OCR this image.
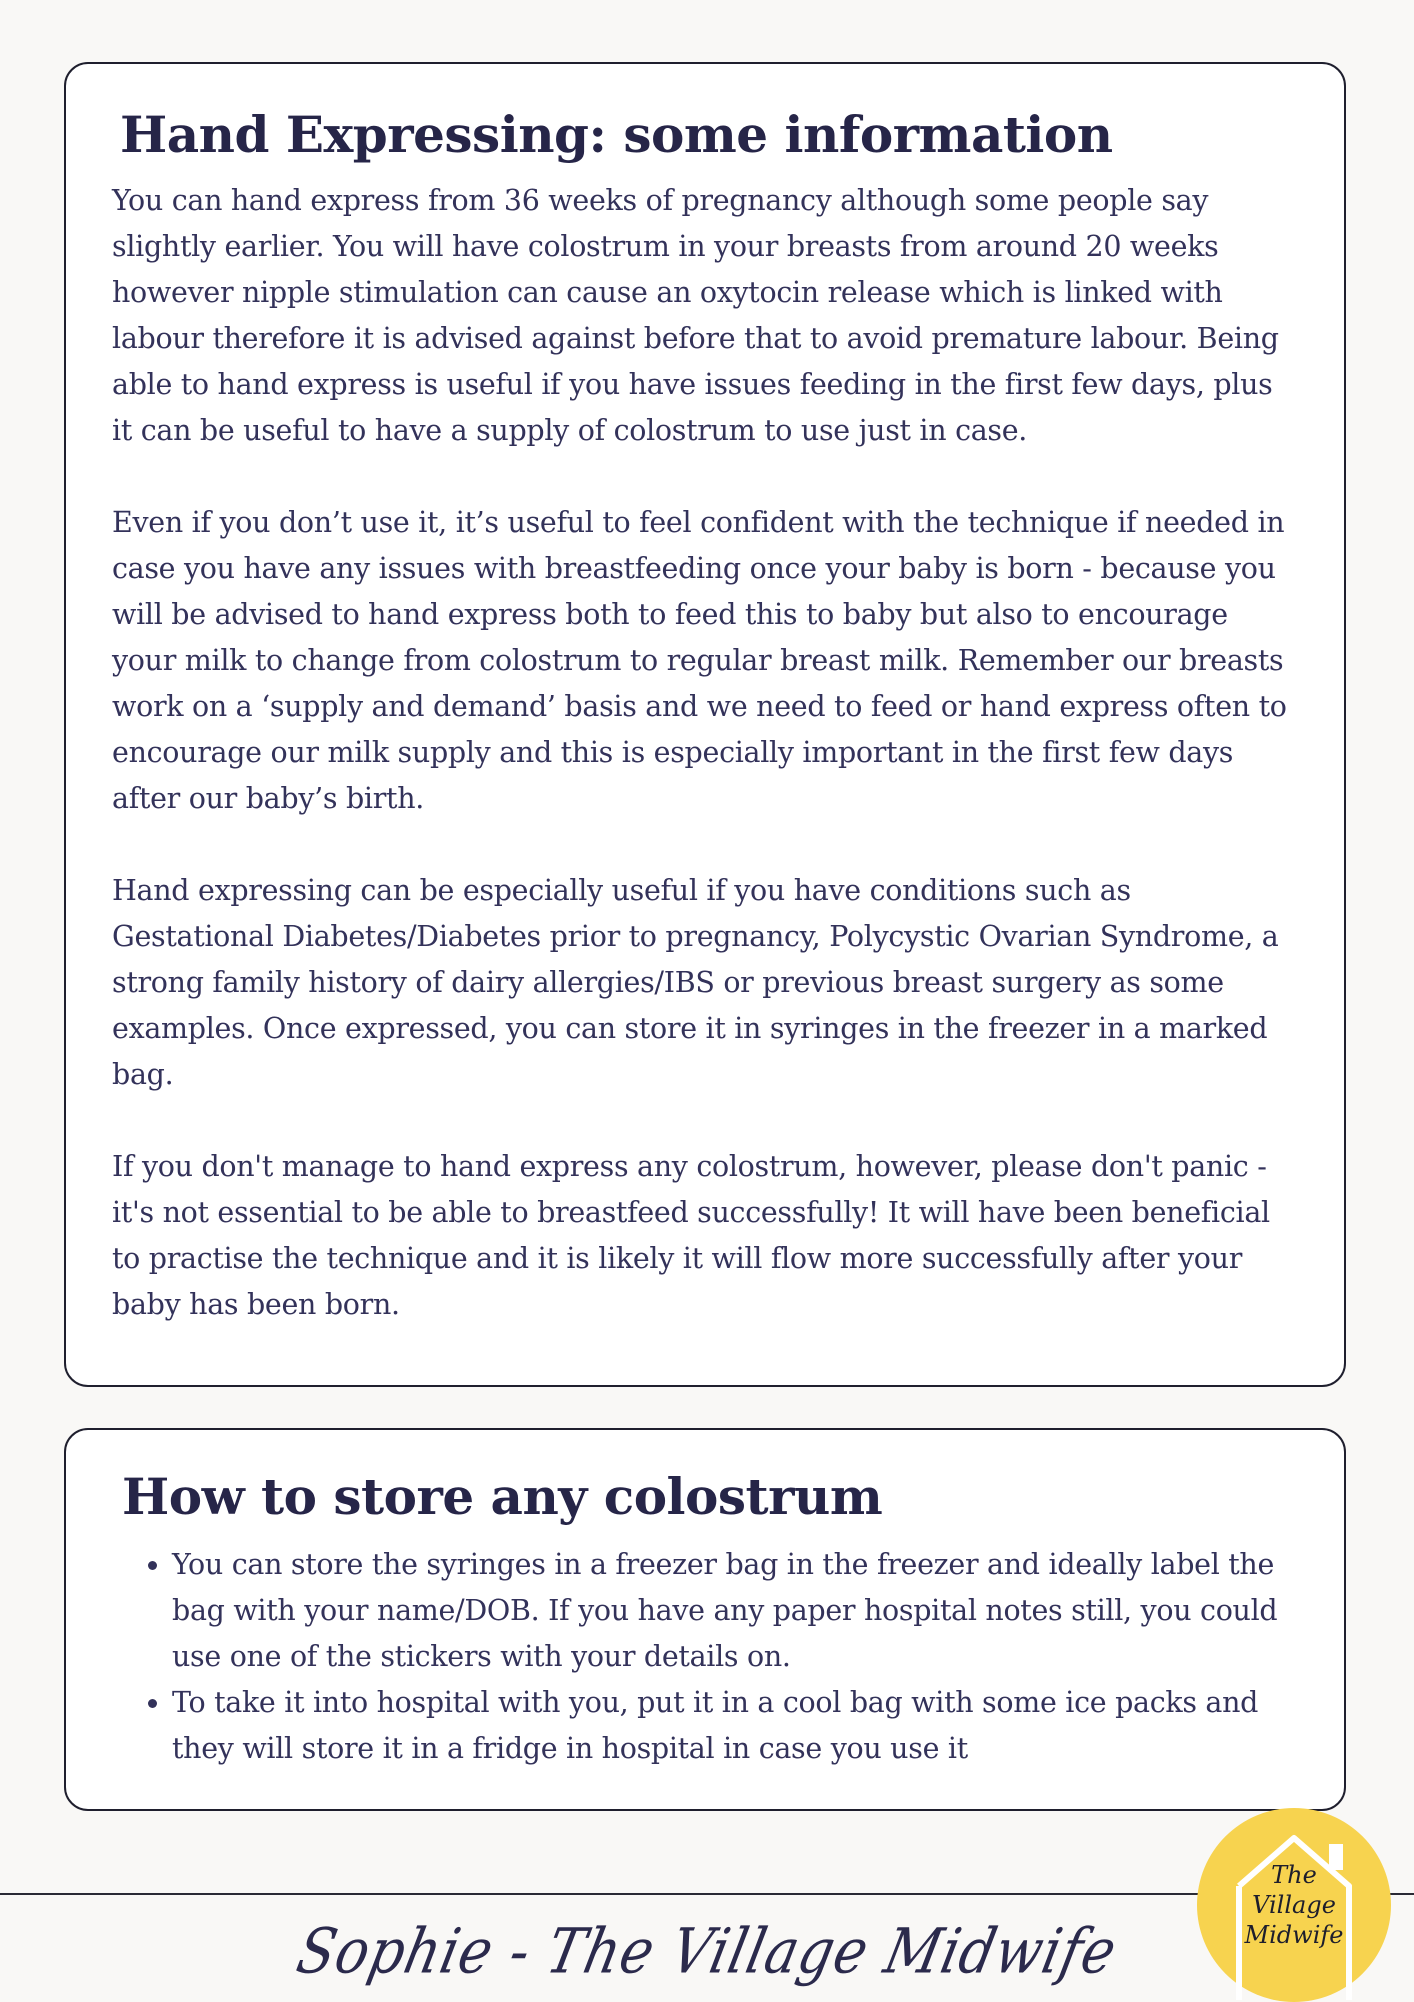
Hand Expressing: some information

You can hand express from 36 weeks of pregnancy although some people say slightly earlier. You will have colostrum in your breasts from around 20 weeks however nipple stimulation can cause an oxytocin release which is linked with labour therefore it is advised against before that to avoid premature labour. Being able to hand express is useful if you have issues feeding in the first few days, plus it can be useful to have a supply of colostrum to use just in case.

Even if you don’t use it, it’s useful to feel confident with the technique if needed in case you have any issues with breastfeeding once your baby is born - because you will be advised to hand express both to feed this to baby but also to encourage your milk to change from colostrum to regular breast milk. Remember our breasts work on a ‘supply and demand’ basis and we need to feed or hand express often to encourage our milk supply and this is especially important in the first few days after our baby’s birth.

Hand expressing can be especially useful if you have conditions such as Gestational Diabetes/Diabetes prior to pregnancy, Polycystic Ovarian Syndrome, a strong family history of dairy allergies/IBS or previous breast surgery as some examples. Once expressed, you can store it in syringes in the freezer in a marked bag.

If you don't manage to hand express any colostrum, however, please don't panic - it's not essential to be able to breastfeed successfully! It will have been beneficial to practise the technique and it is likely it will flow more successfully after your baby has been born.

How to store any colostrum
• You can store the syringes in a freezer bag in the freezer and ideally label the bag with your name/DOB. If you have any paper hospital notes still, you could use one of the stickers with your details on.
• To take it into hospital with you, put it in a cool bag with some ice packs and they will store it in a fridge in hospital in case you use it
Sophie - The Village Midwife
The
Village
Midwife
